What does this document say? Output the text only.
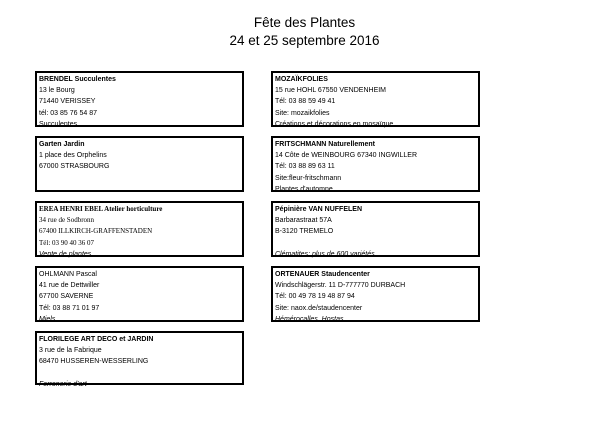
Fête des Plantes
24 et 25 septembre 2016
BRENDEL Succulentes
13 le Bourg
71440 VERISSEY
tél: 03 85 76 54 87
Succulentes
MOZAÏKFOLIES
15 rue HOHL 67550 VENDENHEIM
Tél: 03 88 59 49 41
Site: mozaikfolies
Créations et décorations en mosaïque
Garten Jardin
1 place des Orphelins
67000 STRASBOURG
FRITSCHMANN Naturellement
14 Côte de WEINBOURG 67340 INGWILLER
Tél: 03 88 89 63 11
Site:fleur-fritschmann
Plantes d'automne
EREA HENRI EBEL Atelier horticulture
34 rue de Sodbronn
67400 ILLKIRCH-GRAFFENSTADEN
Tél: 03 90 40 36 07
Vente de plantes
Pépinière VAN NUFFELEN
Barbarastraat 57A
B-3120 TREMELO
Clématites; plus de 600 variétés
OHLMANN Pascal
41 rue de Dettwiller
67700 SAVERNE
Tél: 03 88 71 01 97
Miels
ORTENAUER Staudencenter
Windschlägerstr. 11 D-777770 DURBACH
Tél: 00 49 78 19 48 87 94
Site: naox.de/staudencenter
Hémérocalles, Hostas
FLORILEGE ART DECO et JARDIN
3 rue de la Fabrique
68470 HUSSEREN-WESSERLING
Ferronerie d'art
